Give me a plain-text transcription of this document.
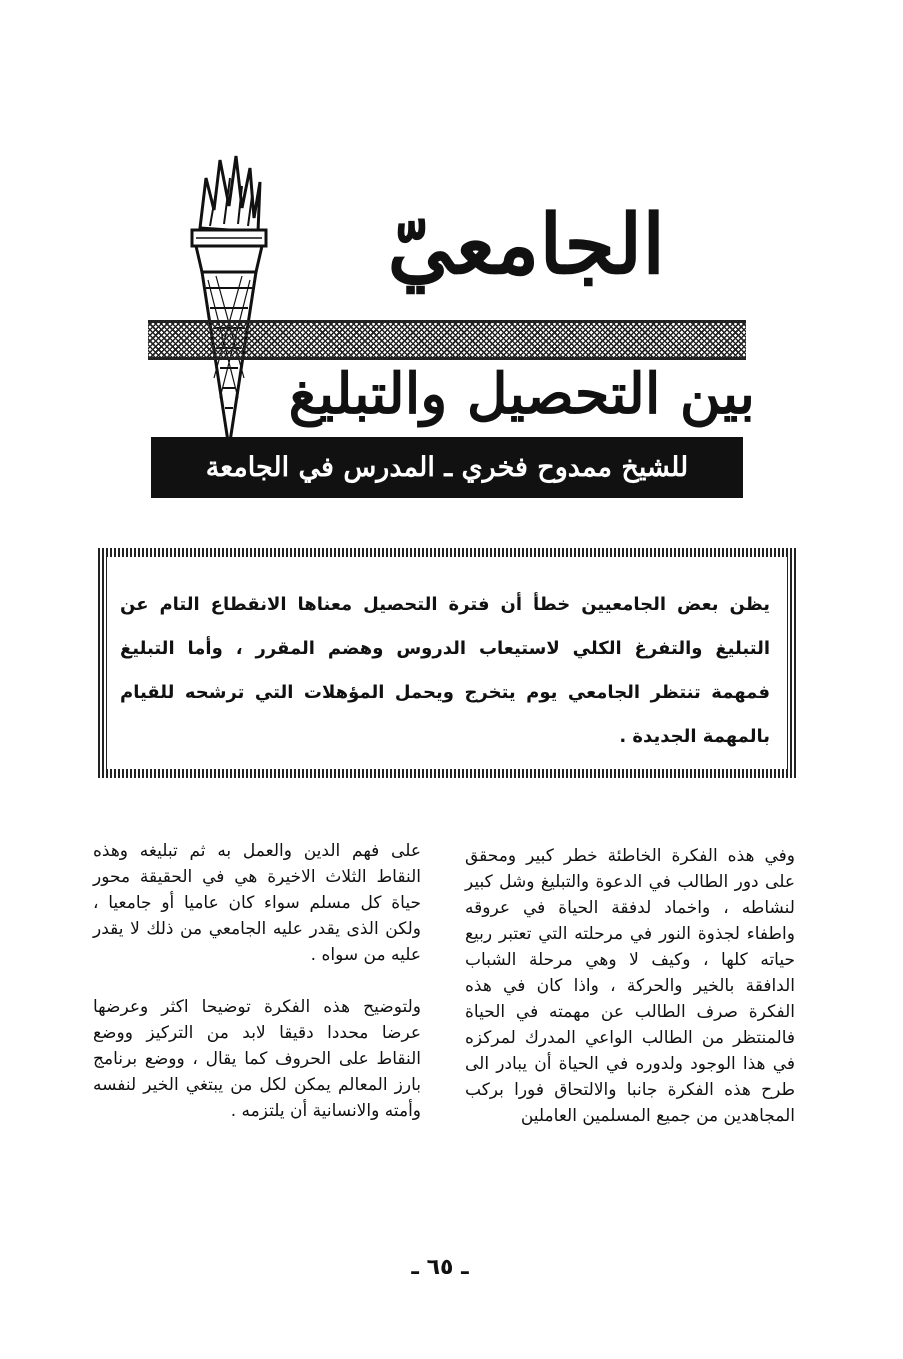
الجامعيّ
بين التحصيل والتبليغ
للشيخ ممدوح فخري ـ المدرس في الجامعة
يظن بعض الجامعيين خطأ أن فترة التحصيل معناها الانقطاع التام عن التبليغ والتفرغ الكلي لاستيعاب الدروس وهضم المقرر ، وأما التبليغ فمهمة تنتظر الجامعي يوم يتخرج ويحمل المؤهلات التي ترشحه للقيام بالمهمة الجديدة .

وفي هذه الفكرة الخاطئة خطر كبير ومحقق على دور الطالب في الدعوة والتبليغ وشل كبير لنشاطه ، واخماد لدفقة الحياة في عروقه واطفاء لجذوة النور في مرحلته التي تعتبر ربيع حياته كلها ، وكيف لا وهي مرحلة الشباب الدافقة بالخير والحركة ، واذا كان في هذه الفكرة صرف الطالب عن مهمته في الحياة فالمنتظر من الطالب الواعي المدرك لمركزه في هذا الوجود ولدوره في الحياة أن يبادر الى طرح هذه الفكرة جانبا والالتحاق فورا بركب المجاهدين من جميع المسلمين العاملين

على فهم الدين والعمل به ثم تبليغه وهذه النقاط الثلاث الاخيرة هي في الحقيقة محور حياة كل مسلم سواء كان عاميا أو جامعيا ، ولكن الذى يقدر عليه الجامعي من ذلك لا يقدر عليه من سواه .

ولتوضيح هذه الفكرة توضيحا اكثر وعرضها عرضا محددا دقيقا لابد من التركيز ووضع النقاط على الحروف كما يقال ، ووضع برنامج بارز المعالم يمكن لكل من يبتغي الخير لنفسه وأمته والانسانية أن يلتزمه .

ـ ٦٥ ـ
